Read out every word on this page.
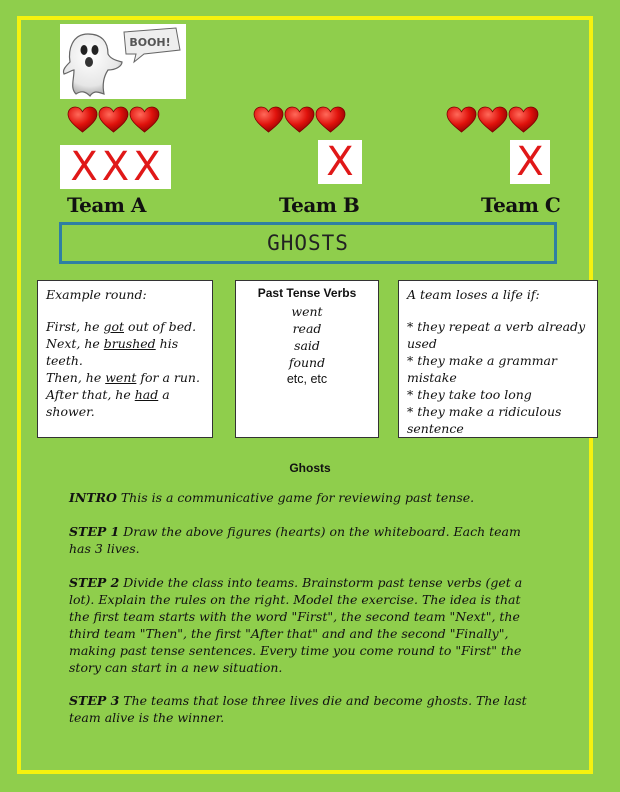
BOOH!
X X X	X	X
Team A	Team B	Team C
GHOSTS
Example round:
First, he got out of bed.
Next, he brushed his teeth.
Then, he went for a run.
After that, he had a shower.
Past Tense Verbs
went
read
said
found
etc, etc
A team loses a life if:
* they repeat a verb already used
* they make a grammar mistake
* they take too long
* they make a ridiculous sentence
Ghosts
INTRO This is a communicative game for reviewing past tense.
STEP 1 Draw the above figures (hearts) on the whiteboard. Each team has 3 lives.
STEP 2 Divide the class into teams. Brainstorm past tense verbs (get a lot). Explain the rules on the right. Model the exercise. The idea is that the first team starts with the word "First", the second team "Next", the third team "Then", the first "After that" and and the second "Finally", making past tense sentences. Every time you come round to "First" the story can start in a new situation.
STEP 3 The teams that lose three lives die and become ghosts. The last team alive is the winner.
